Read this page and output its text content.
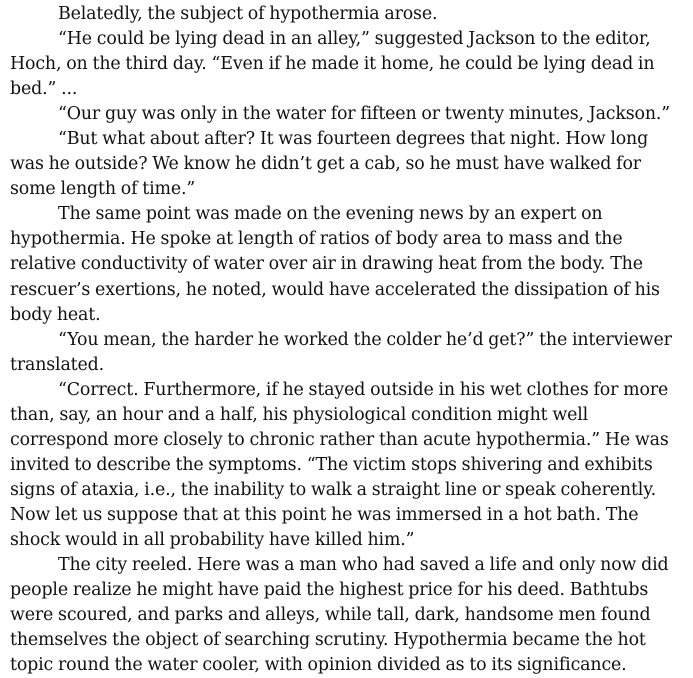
Belatedly, the subject of hypothermia arose.

“He could be lying dead in an alley,” suggested Jackson to the editor, Hoch, on the third day. “Even if he made it home, he could be lying dead in bed.” ...

“Our guy was only in the water for fifteen or twenty minutes, Jackson.”

“But what about after? It was fourteen degrees that night. How long was he outside? We know he didn’t get a cab, so he must have walked for some length of time.”

The same point was made on the evening news by an expert on hypothermia. He spoke at length of ratios of body area to mass and the relative conductivity of water over air in drawing heat from the body. The rescuer’s exertions, he noted, would have accelerated the dissipation of his body heat.

“You mean, the harder he worked the colder he’d get?” the interviewer translated.

“Correct. Furthermore, if he stayed outside in his wet clothes for more than, say, an hour and a half, his physiological condition might well correspond more closely to chronic rather than acute hypothermia.” He was invited to describe the symptoms. “The victim stops shivering and exhibits signs of ataxia, i.e., the inability to walk a straight line or speak coherently. Now let us suppose that at this point he was immersed in a hot bath. The shock would in all probability have killed him.”

The city reeled. Here was a man who had saved a life and only now did people realize he might have paid the highest price for his deed. Bathtubs were scoured, and parks and alleys, while tall, dark, handsome men found themselves the object of searching scrutiny. Hypothermia became the hot topic round the water cooler, with opinion divided as to its significance.
